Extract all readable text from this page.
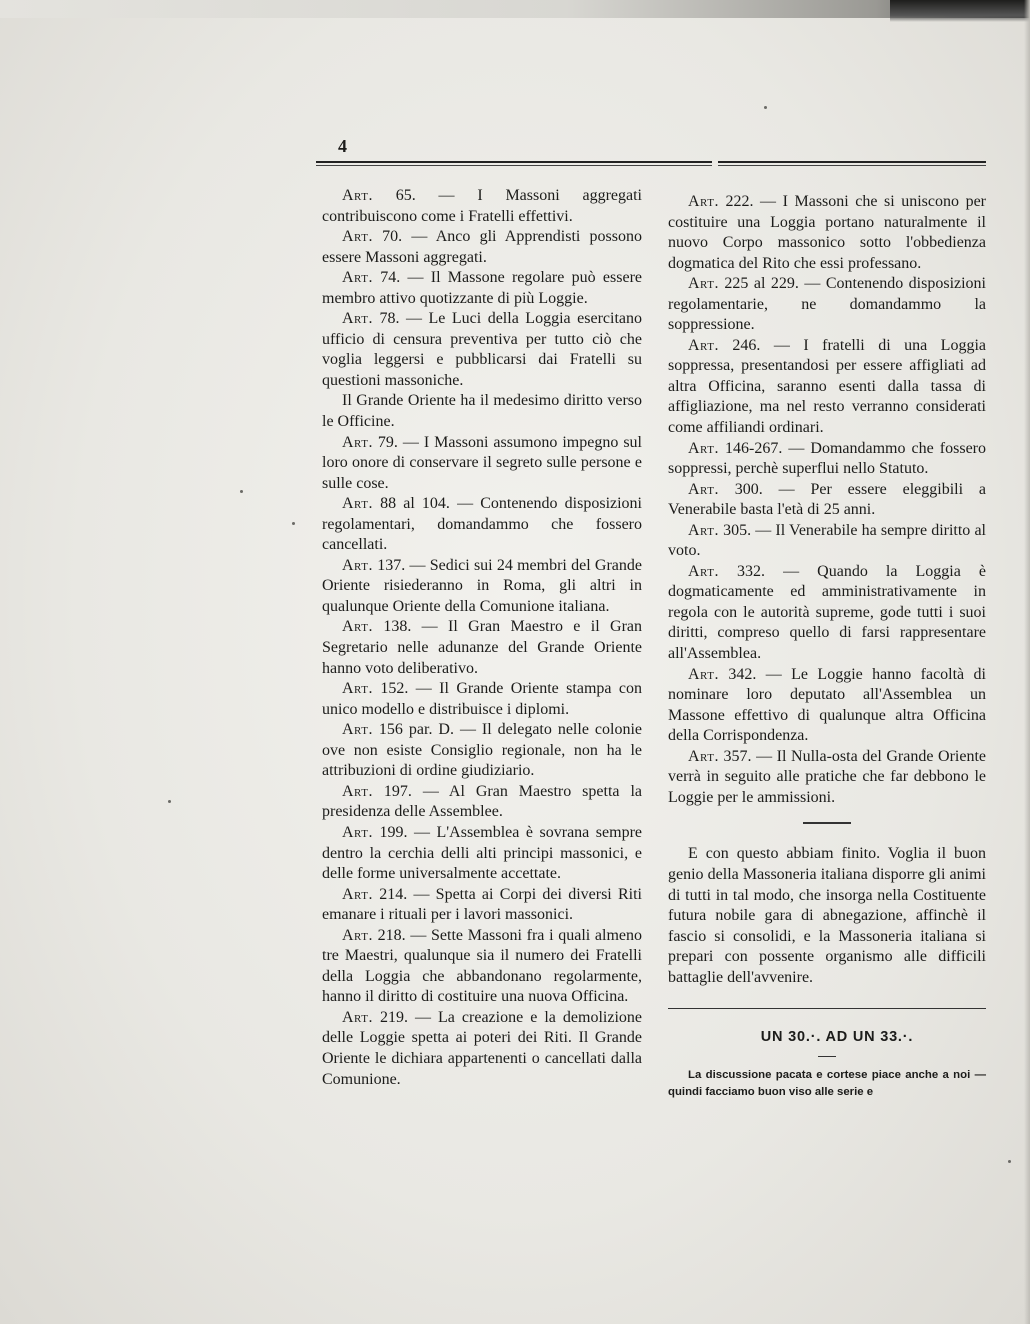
4

Art. 65. — I Massoni aggregati contribuiscono come i Fratelli effettivi.

Art. 70. — Anco gli Apprendisti possono essere Massoni aggregati.

Art. 74. — Il Massone regolare può essere membro attivo quotizzante di più Loggie.

Art. 78. — Le Luci della Loggia esercitano ufficio di censura preventiva per tutto ciò che voglia leggersi e pubblicarsi dai Fratelli su questioni massoniche.

Il Grande Oriente ha il medesimo diritto verso le Officine.

Art. 79. — I Massoni assumono impegno sul loro onore di conservare il segreto sulle persone e sulle cose.

Art. 88 al 104. — Contenendo disposizioni regolamentari, domandammo che fossero cancellati.

Art. 137. — Sedici sui 24 membri del Grande Oriente risiederanno in Roma, gli altri in qualunque Oriente della Comunione italiana.

Art. 138. — Il Gran Maestro e il Gran Segretario nelle adunanze del Grande Oriente hanno voto deliberativo.

Art. 152. — Il Grande Oriente stampa con unico modello e distribuisce i diplomi.

Art. 156 par. D. — Il delegato nelle colonie ove non esiste Consiglio regionale, non ha le attribuzioni di ordine giudiziario.

Art. 197. — Al Gran Maestro spetta la presidenza delle Assemblee.

Art. 199. — L'Assemblea è sovrana sempre dentro la cerchia delli alti principi massonici, e delle forme universalmente accettate.

Art. 214. — Spetta ai Corpi dei diversi Riti emanare i rituali per i lavori massonici.

Art. 218. — Sette Massoni fra i quali almeno tre Maestri, qualunque sia il numero dei Fratelli della Loggia che abbandonano regolarmente, hanno il diritto di costituire una nuova Officina.

Art. 219. — La creazione e la demolizione delle Loggie spetta ai poteri dei Riti. Il Grande Oriente le dichiara appartenenti o cancellati dalla Comunione.

Art. 222. — I Massoni che si uniscono per costituire una Loggia portano naturalmente il nuovo Corpo massonico sotto l'obbedienza dogmatica del Rito che essi professano.

Art. 225 al 229. — Contenendo disposizioni regolamentarie, ne domandammo la soppressione.

Art. 246. — I fratelli di una Loggia soppressa, presentandosi per essere affigliati ad altra Officina, saranno esenti dalla tassa di affigliazione, ma nel resto verranno considerati come affiliandi ordinari.

Art. 146-267. — Domandammo che fossero soppressi, perchè superflui nello Statuto.

Art. 300. — Per essere eleggibili a Venerabile basta l'età di 25 anni.

Art. 305. — Il Venerabile ha sempre diritto al voto.

Art. 332. — Quando la Loggia è dogmaticamente ed amministrativamente in regola con le autorità supreme, gode tutti i suoi diritti, compreso quello di farsi rappresentare all'Assemblea.

Art. 342. — Le Loggie hanno facoltà di nominare loro deputato all'Assemblea un Massone effettivo di qualunque altra Officina della Corrispondenza.

Art. 357. — Il Nulla-osta del Grande Oriente verrà in seguito alle pratiche che far debbono le Loggie per le ammissioni.

E con questo abbiam finito. Voglia il buon genio della Massoneria italiana disporre gli animi di tutti in tal modo, che insorga nella Costituente futura nobile gara di abnegazione, affinchè il fascio si consolidi, e la Massoneria italiana si prepari con possente organismo alle difficili battaglie dell'avvenire.

UN 30.·. AD UN 33.·.

La discussione pacata e cortese piace anche a noi — quindi facciamo buon viso alle serie e
